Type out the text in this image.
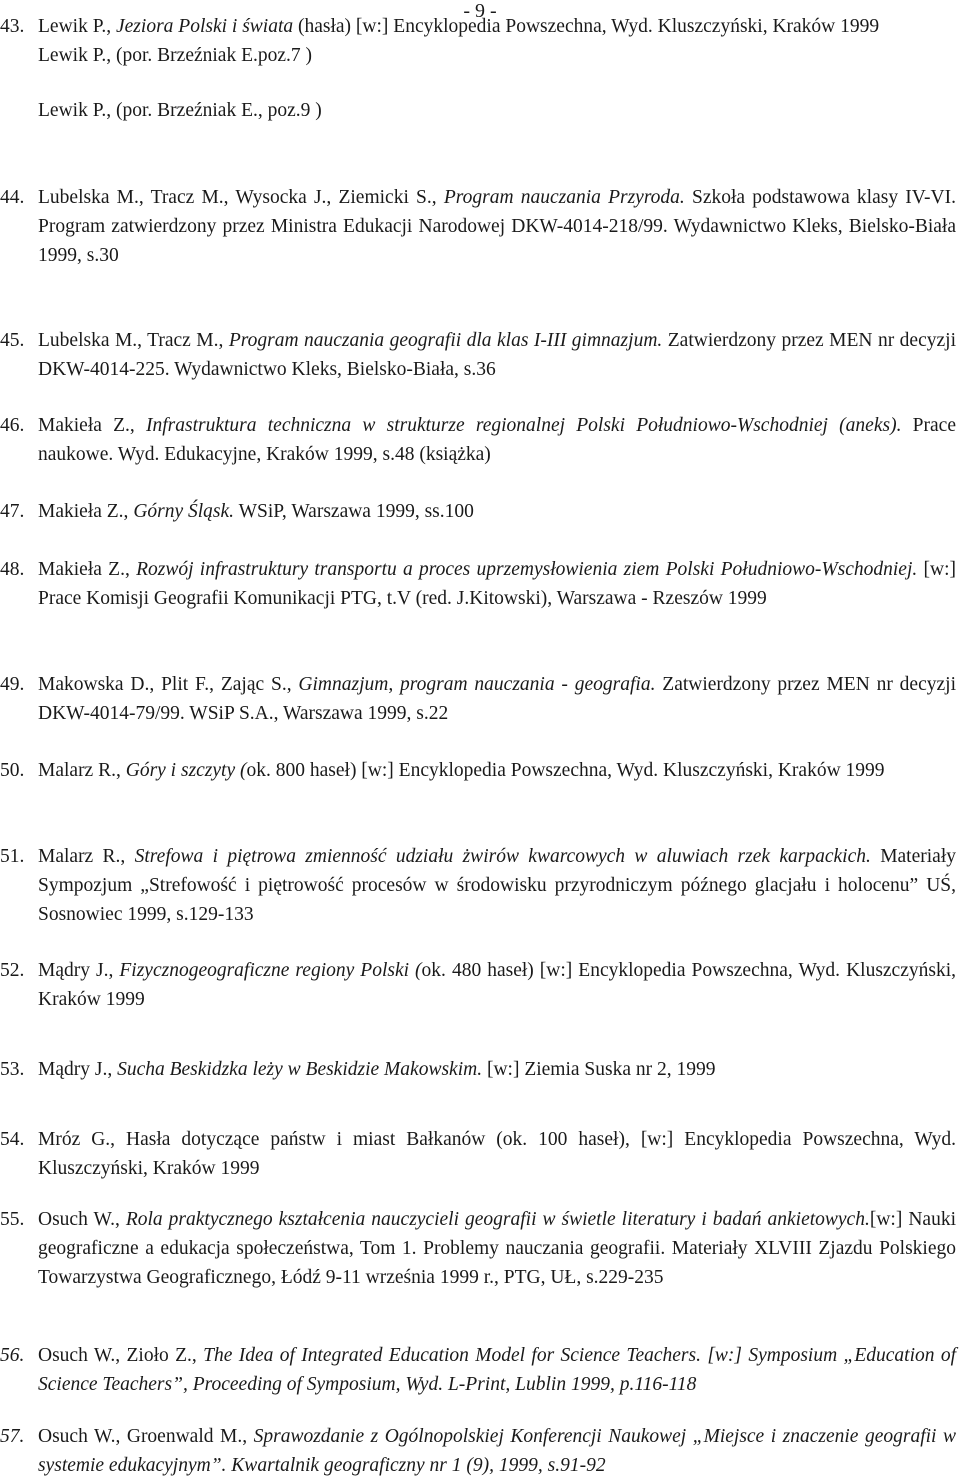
- 9 -
43. Lewik P., Jeziora Polski i świata (hasła) [w:] Encyklopedia Powszechna, Wyd. Kluszczyński, Kraków 1999
Lewik P., (por. Brzeźniak E.poz.7 )
Lewik P., (por. Brzeźniak E., poz.9 )
44. Lubelska M., Tracz M., Wysocka J., Ziemicki S., Program nauczania Przyroda. Szkoła podstawowa klasy IV-VI. Program zatwierdzony przez Ministra Edukacji Narodowej DKW-4014-218/99. Wydawnictwo Kleks, Bielsko-Biała 1999, s.30
45. Lubelska M., Tracz M., Program nauczania geografii dla klas I-III gimnazjum. Zatwierdzony przez MEN nr decyzji DKW-4014-225. Wydawnictwo Kleks, Bielsko-Biała, s.36
46. Makieła Z., Infrastruktura techniczna w strukturze regionalnej Polski Południowo-Wschodniej (aneks). Prace naukowe. Wyd. Edukacyjne, Kraków 1999, s.48 (książka)
47. Makieła Z., Górny Śląsk. WSiP, Warszawa 1999, ss.100
48. Makieła Z., Rozwój infrastruktury transportu a proces uprzemysłowienia ziem Polski Południowo-Wschodniej. [w:] Prace Komisji Geografii Komunikacji PTG, t.V (red. J.Kitowski), Warszawa - Rzeszów 1999
49. Makowska D., Plit F., Zając S., Gimnazjum, program nauczania - geografia. Zatwierdzony przez MEN nr decyzji DKW-4014-79/99. WSiP S.A., Warszawa 1999, s.22
50. Malarz R., Góry i szczyty (ok. 800 haseł) [w:] Encyklopedia Powszechna, Wyd. Kluszczyński, Kraków 1999
51. Malarz R., Strefowa i piętrowa zmienność udziału żwirów kwarcowych w aluwiach rzek karpackich. Materiały Sympozjum „Strefowość i piętrowość procesów w środowisku przyrodniczym późnego glacjału i holocenu” UŚ, Sosnowiec 1999, s.129-133
52. Mądry J., Fizycznogeograficzne regiony Polski (ok. 480 haseł) [w:] Encyklopedia Powszechna, Wyd. Kluszczyński, Kraków 1999
53. Mądry J., Sucha Beskidzka leży w Beskidzie Makowskim. [w:] Ziemia Suska nr 2, 1999
54. Mróz G., Hasła dotyczące państw i miast Bałkanów (ok. 100 haseł), [w:] Encyklopedia Powszechna, Wyd. Kluszczyński, Kraków 1999
55. Osuch W., Rola praktycznego kształcenia nauczycieli geografii w świetle literatury i badań ankietowych.[w:] Nauki geograficzne a edukacja społeczeństwa, Tom 1. Problemy nauczania geografii. Materiały XLVIII Zjazdu Polskiego Towarzystwa Geograficznego, Łódź 9-11 września 1999 r., PTG, UŁ, s.229-235
56. Osuch W., Zioło Z., The Idea of Integrated Education Model for Science Teachers. [w:] Symposium „Education of Science Teachers”, Proceeding of Symposium, Wyd. L-Print, Lublin 1999, p.116-118
57. Osuch W., Groenwald M., Sprawozdanie z Ogólnopolskiej Konferencji Naukowej „Miejsce i znaczenie geografii w systemie edukacyjnym”. Kwartalnik geograficzny nr 1 (9), 1999, s.91-92
